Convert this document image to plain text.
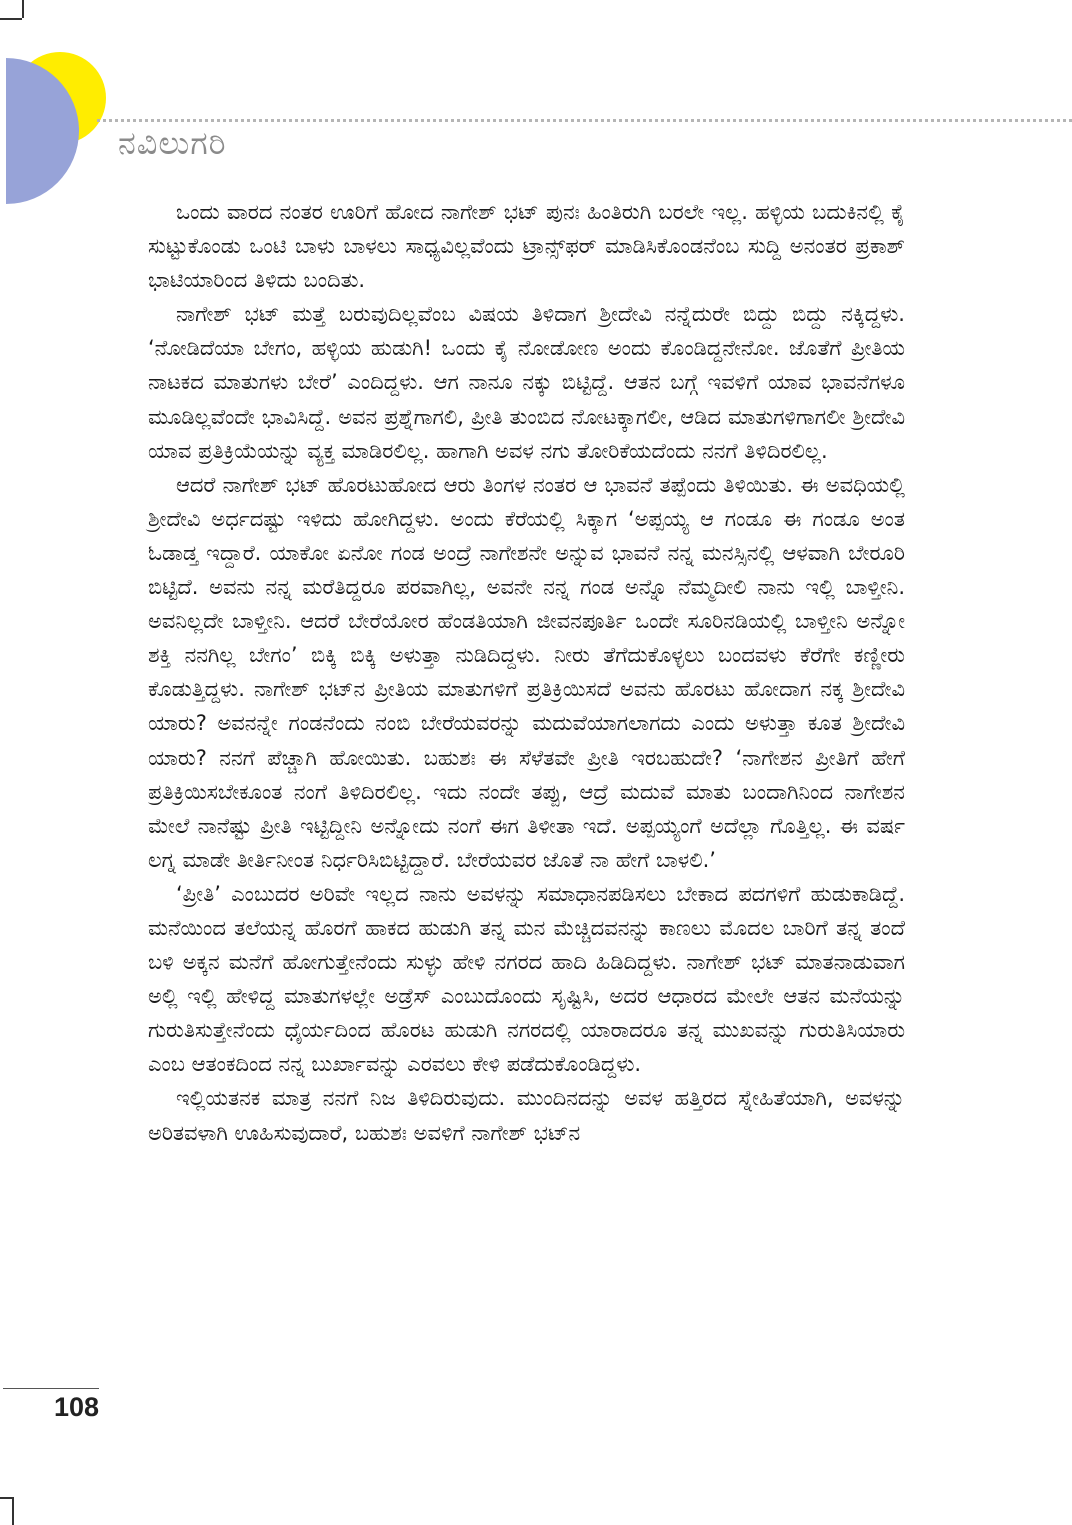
ನವಿಲುಗರಿ

ಒಂದು ವಾರದ ನಂತರ ಊರಿಗೆ ಹೋದ ನಾಗೇಶ್ ಭಟ್ ಪುನಃ ಹಿಂತಿರುಗಿ ಬರಲೇ ಇಲ್ಲ. ಹಳ್ಳಿಯ ಬದುಕಿನಲ್ಲಿ ಕೈ ಸುಟ್ಟುಕೊಂಡು ಒಂಟಿ ಬಾಳು ಬಾಳಲು ಸಾಧ್ಯವಿಲ್ಲವೆಂದು ಟ್ರಾನ್ಸ್‌ಫರ್ ಮಾಡಿಸಿಕೊಂಡನೆಂಬ ಸುದ್ದಿ ಅನಂತರ ಪ್ರಕಾಶ್ ಭಾಟಿಯಾರಿಂದ ತಿಳಿದು ಬಂದಿತು.

ನಾಗೇಶ್ ಭಟ್ ಮತ್ತೆ ಬರುವುದಿಲ್ಲವೆಂಬ ವಿಷಯ ತಿಳಿದಾಗ ಶ್ರೀದೇವಿ ನನ್ನೆದುರೇ ಬಿದ್ದು ಬಿದ್ದು ನಕ್ಕಿದ್ದಳು. ‘ನೋಡಿದೆಯಾ ಬೇಗಂ, ಹಳ್ಳಿಯ ಹುಡುಗಿ! ಒಂದು ಕೈ ನೋಡೋಣ ಅಂದು ಕೊಂಡಿದ್ದನೇನೋ. ಜೊತೆಗೆ ಪ್ರೀತಿಯ ನಾಟಕದ ಮಾತುಗಳು ಬೇರೆ’ ಎಂದಿದ್ದಳು. ಆಗ ನಾನೂ ನಕ್ಕು ಬಿಟ್ಟಿದ್ದೆ. ಆತನ ಬಗ್ಗೆ ಇವಳಿಗೆ ಯಾವ ಭಾವನೆಗಳೂ ಮೂಡಿಲ್ಲವೆಂದೇ ಭಾವಿಸಿದ್ದೆ. ಅವನ ಪ್ರಶ್ನೆಗಾಗಲಿ, ಪ್ರೀತಿ ತುಂಬಿದ ನೋಟಕ್ಕಾಗಲೀ, ಆಡಿದ ಮಾತುಗಳಿಗಾಗಲೀ ಶ್ರೀದೇವಿ ಯಾವ ಪ್ರತಿಕ್ರಿಯೆಯನ್ನು ವ್ಯಕ್ತ ಮಾಡಿರಲಿಲ್ಲ. ಹಾಗಾಗಿ ಅವಳ ನಗು ತೋರಿಕೆಯದೆಂದು ನನಗೆ ತಿಳಿದಿರಲಿಲ್ಲ.

ಆದರೆ ನಾಗೇಶ್ ಭಟ್ ಹೊರಟುಹೋದ ಆರು ತಿಂಗಳ ನಂತರ ಆ ಭಾವನೆ ತಪ್ಪೆಂದು ತಿಳಿಯಿತು. ಈ ಅವಧಿಯಲ್ಲಿ ಶ್ರೀದೇವಿ ಅರ್ಧದಷ್ಟು ಇಳಿದು ಹೋಗಿದ್ದಳು. ಅಂದು ಕೆರೆಯಲ್ಲಿ ಸಿಕ್ಕಾಗ ‘ಅಪ್ಪಯ್ಯ ಆ ಗಂಡೂ ಈ ಗಂಡೂ ಅಂತ ಓಡಾಡ್ತ ಇದ್ದಾರೆ. ಯಾಕೋ ಏನೋ ಗಂಡ ಅಂದ್ರೆ ನಾಗೇಶನೇ ಅನ್ನುವ ಭಾವನೆ ನನ್ನ ಮನಸ್ಸಿನಲ್ಲಿ ಆಳವಾಗಿ ಬೇರೂರಿ ಬಿಟ್ಟಿದೆ. ಅವನು ನನ್ನ ಮರೆತಿದ್ದರೂ ಪರವಾಗಿಲ್ಲ, ಅವನೇ ನನ್ನ ಗಂಡ ಅನ್ನೊ ನೆಮ್ಮದೀಲಿ ನಾನು ಇಲ್ಲಿ ಬಾಳ್ತೀನಿ. ಅವನಿಲ್ಲದೇ ಬಾಳ್ತೀನಿ. ಆದರೆ ಬೇರೆಯೋರ ಹೆಂಡತಿಯಾಗಿ ಜೀವನಪೂರ್ತಿ ಒಂದೇ ಸೂರಿನಡಿಯಲ್ಲಿ ಬಾಳ್ತೀನಿ ಅನ್ನೋ ಶಕ್ತಿ ನನಗಿಲ್ಲ ಬೇಗಂ’ ಬಿಕ್ಕಿ ಬಿಕ್ಕಿ ಅಳುತ್ತಾ ನುಡಿದಿದ್ದಳು. ನೀರು ತೆಗೆದುಕೊಳ್ಳಲು ಬಂದವಳು ಕೆರೆಗೇ ಕಣ್ಣೀರು ಕೊಡುತ್ತಿದ್ದಳು. ನಾಗೇಶ್ ಭಟ್‌ನ ಪ್ರೀತಿಯ ಮಾತುಗಳಿಗೆ ಪ್ರತಿಕ್ರಿಯಿಸದೆ ಅವನು ಹೊರಟು ಹೋದಾಗ ನಕ್ಕ ಶ್ರೀದೇವಿ ಯಾರು? ಅವನನ್ನೇ ಗಂಡನೆಂದು ನಂಬಿ ಬೇರೆಯವರನ್ನು ಮದುವೆಯಾಗಲಾಗದು ಎಂದು ಅಳುತ್ತಾ ಕೂತ ಶ್ರೀದೇವಿ ಯಾರು? ನನಗೆ ಪೆಚ್ಚಾಗಿ ಹೋಯಿತು. ಬಹುಶಃ ಈ ಸೆಳೆತವೇ ಪ್ರೀತಿ ಇರಬಹುದೇ? ‘ನಾಗೇಶನ ಪ್ರೀತಿಗೆ ಹೇಗೆ ಪ್ರತಿಕ್ರಿಯಿಸಬೇಕೂಂತ ನಂಗೆ ತಿಳಿದಿರಲಿಲ್ಲ. ಇದು ನಂದೇ ತಪ್ಪು, ಆದ್ರೆ ಮದುವೆ ಮಾತು ಬಂದಾಗಿನಿಂದ ನಾಗೇಶನ ಮೇಲೆ ನಾನೆಷ್ಟು ಪ್ರೀತಿ ಇಟ್ಟಿದ್ದೀನಿ ಅನ್ನೋದು ನಂಗೆ ಈಗ ತಿಳೀತಾ ಇದೆ. ಅಪ್ಪಯ್ಯಂಗೆ ಅದೆಲ್ಲಾ ಗೊತ್ತಿಲ್ಲ. ಈ ವರ್ಷ ಲಗ್ನ ಮಾಡೇ ತೀರ್ತಿನೀಂತ ನಿರ್ಧರಿಸಿಬಿಟ್ಟಿದ್ದಾರೆ. ಬೇರೆಯವರ ಜೊತೆ ನಾ ಹೇಗೆ ಬಾಳಲಿ.’

‘ಪ್ರೀತಿ’ ಎಂಬುದರ ಅರಿವೇ ಇಲ್ಲದ ನಾನು ಅವಳನ್ನು ಸಮಾಧಾನಪಡಿಸಲು ಬೇಕಾದ ಪದಗಳಿಗೆ ಹುಡುಕಾಡಿದ್ದೆ. ಮನೆಯಿಂದ ತಲೆಯನ್ನ ಹೊರಗೆ ಹಾಕದ ಹುಡುಗಿ ತನ್ನ ಮನ ಮೆಚ್ಚಿದವನನ್ನು ಕಾಣಲು ಮೊದಲ ಬಾರಿಗೆ ತನ್ನ ತಂದೆ ಬಳಿ ಅಕ್ಕನ ಮನೆಗೆ ಹೋಗುತ್ತೇನೆಂದು ಸುಳ್ಳು ಹೇಳಿ ನಗರದ ಹಾದಿ ಹಿಡಿದಿದ್ದಳು. ನಾಗೇಶ್ ಭಟ್ ಮಾತನಾಡುವಾಗ ಅಲ್ಲಿ ಇಲ್ಲಿ ಹೇಳಿದ್ದ ಮಾತುಗಳಲ್ಲೇ ಅಡ್ರೆಸ್ ಎಂಬುದೊಂದು ಸೃಷ್ಟಿಸಿ, ಅದರ ಆಧಾರದ ಮೇಲೇ ಆತನ ಮನೆಯನ್ನು ಗುರುತಿಸುತ್ತೇನೆಂದು ಧೈರ್ಯದಿಂದ ಹೊರಟ ಹುಡುಗಿ ನಗರದಲ್ಲಿ ಯಾರಾದರೂ ತನ್ನ ಮುಖವನ್ನು ಗುರುತಿಸಿಯಾರು ಎಂಬ ಆತಂಕದಿಂದ ನನ್ನ ಬುರ್ಖಾವನ್ನು ಎರವಲು ಕೇಳಿ ಪಡೆದುಕೊಂಡಿದ್ದಳು.

ಇಲ್ಲಿಯತನಕ ಮಾತ್ರ ನನಗೆ ನಿಜ ತಿಳಿದಿರುವುದು. ಮುಂದಿನದನ್ನು ಅವಳ ಹತ್ತಿರದ ಸ್ನೇಹಿತೆಯಾಗಿ, ಅವಳನ್ನು ಅರಿತವಳಾಗಿ ಊಹಿಸುವುದಾರೆ, ಬಹುಶಃ ಅವಳಿಗೆ ನಾಗೇಶ್ ಭಟ್‌ನ

108
